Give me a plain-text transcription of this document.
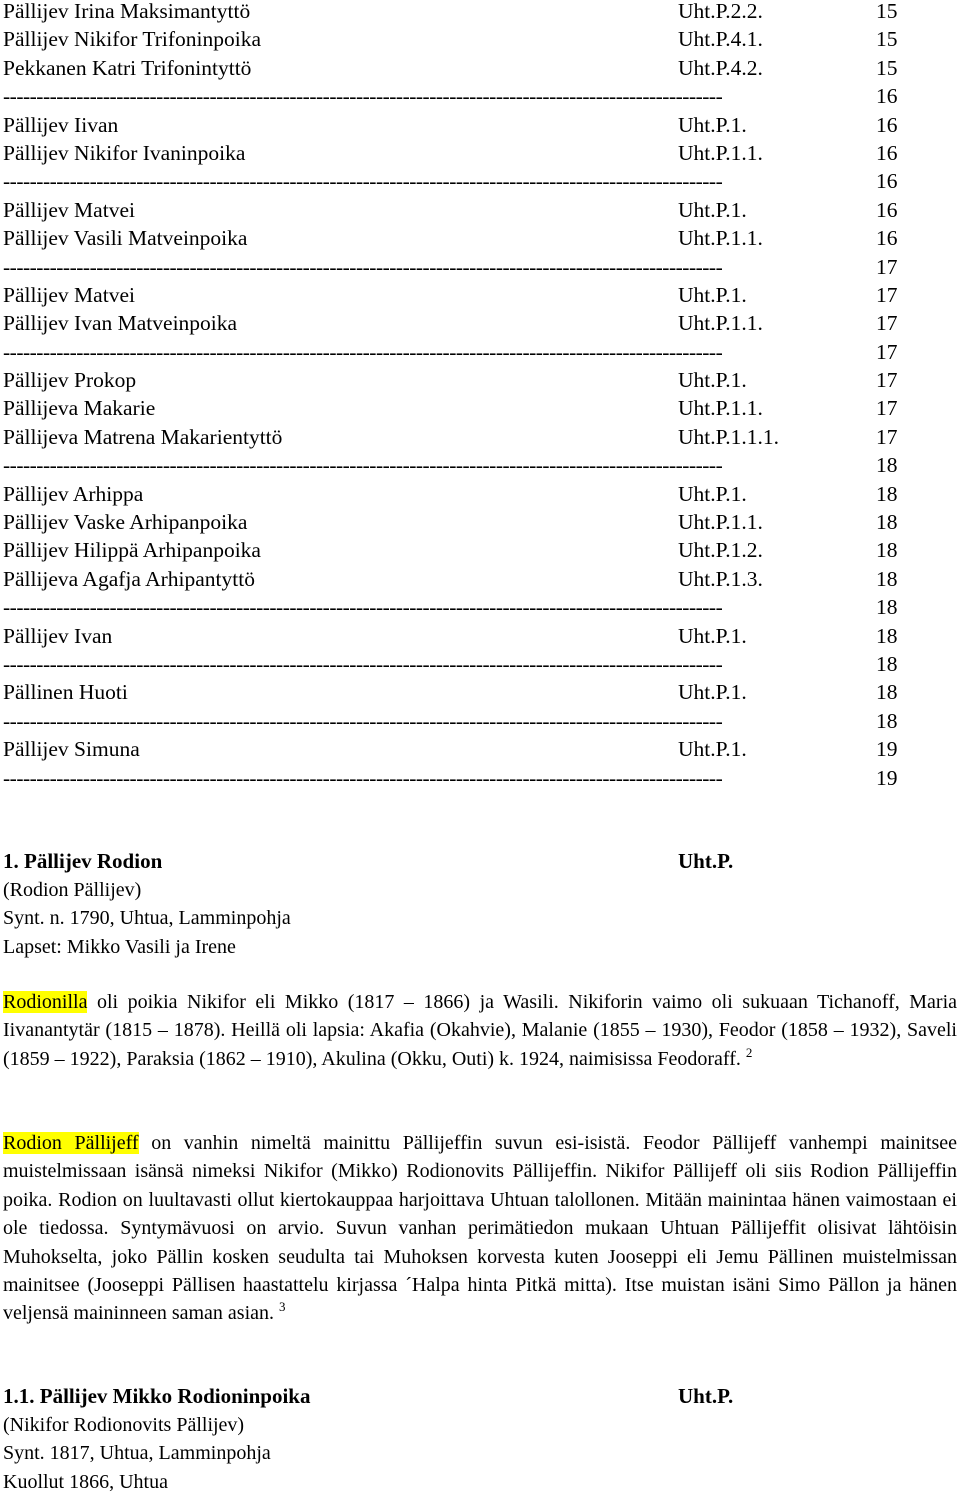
Pällijev Irina Maksimantyttö	Uht.P.2.2.	15
Pällijev Nikifor Trifoninpoika	Uht.P.4.1.	15
Pekkanen Katri Trifonintyttö	Uht.P.4.2.	15
------------------------------------------------------------------------------------------------------------	16
Pällijev Iivan	Uht.P.1.	16
Pällijev Nikifor Ivaninpoika	Uht.P.1.1.	16
------------------------------------------------------------------------------------------------------------	16
Pällijev Matvei	Uht.P.1.	16
Pällijev Vasili Matveinpoika	Uht.P.1.1.	16
------------------------------------------------------------------------------------------------------------	17
Pällijev Matvei	Uht.P.1.	17
Pällijev Ivan Matveinpoika	Uht.P.1.1.	17
------------------------------------------------------------------------------------------------------------	17
Pällijev Prokop	Uht.P.1.	17
Pällijeva Makarie	Uht.P.1.1.	17
Pällijeva Matrena Makarientyttö	Uht.P.1.1.1.	17
------------------------------------------------------------------------------------------------------------	18
Pällijev Arhippa	Uht.P.1.	18
Pällijev Vaske Arhipanpoika	Uht.P.1.1.	18
Pällijev Hilippä Arhipanpoika	Uht.P.1.2.	18
Pällijeva Agafja Arhipantyttö	Uht.P.1.3.	18
------------------------------------------------------------------------------------------------------------	18
Pällijev Ivan	Uht.P.1.	18
------------------------------------------------------------------------------------------------------------	18
Pällinen Huoti	Uht.P.1.	18
------------------------------------------------------------------------------------------------------------	18
Pällijev Simuna	Uht.P.1.	19
------------------------------------------------------------------------------------------------------------	19
1. Pällijev Rodion	Uht.P.
(Rodion Pällijev)
Synt. n. 1790, Uhtua, Lamminpohja
Lapset: Mikko Vasili ja Irene
Rodionilla oli poikia Nikifor eli Mikko (1817 – 1866) ja Wasili. Nikiforin vaimo oli sukuaan Tichanoff, Maria Iivanantytär (1815 – 1878). Heillä oli lapsia: Akafia (Okahvie), Malanie (1855 – 1930), Feodor (1858 – 1932), Saveli (1859 – 1922), Paraksia (1862 – 1910), Akulina (Okku, Outi) k. 1924, naimisissa Feodoraff. $^2$
Rodion Pällijeff on vanhin nimeltä mainittu Pällijeffin suvun esi-isistä. Feodor Pällijeff vanhempi mainitsee muistelmissaan isänsä nimeksi Nikifor (Mikko) Rodionovits Pällijeffin. Nikifor Pällijeff oli siis Rodion Pällijeffin poika. Rodion on luultavasti ollut kiertokauppaa harjoittava Uhtuan talollonen. Mitään mainintaa hänen vaimostaan ei ole tiedossa. Syntymävuosi on arvio. Suvun vanhan perimätiedon mukaan Uhtuan Pällijeffit olisivat lähtöisin Muhokselta, joko Pällin kosken seudulta tai Muhoksen korvesta kuten Jooseppi eli Jemu Pällinen muistelmissan mainitsee (Jooseppi Pällisen haastattelu kirjassa ´Halpa hinta Pitkä mitta). Itse muistan isäni Simo Pällon ja hänen veljensä maininneen saman asian. $^3$
1.1. Pällijev Mikko Rodioninpoika	Uht.P.
(Nikifor Rodionovits Pällijev)
Synt. 1817, Uhtua, Lamminpohja
Kuollut 1866, Uhtua
